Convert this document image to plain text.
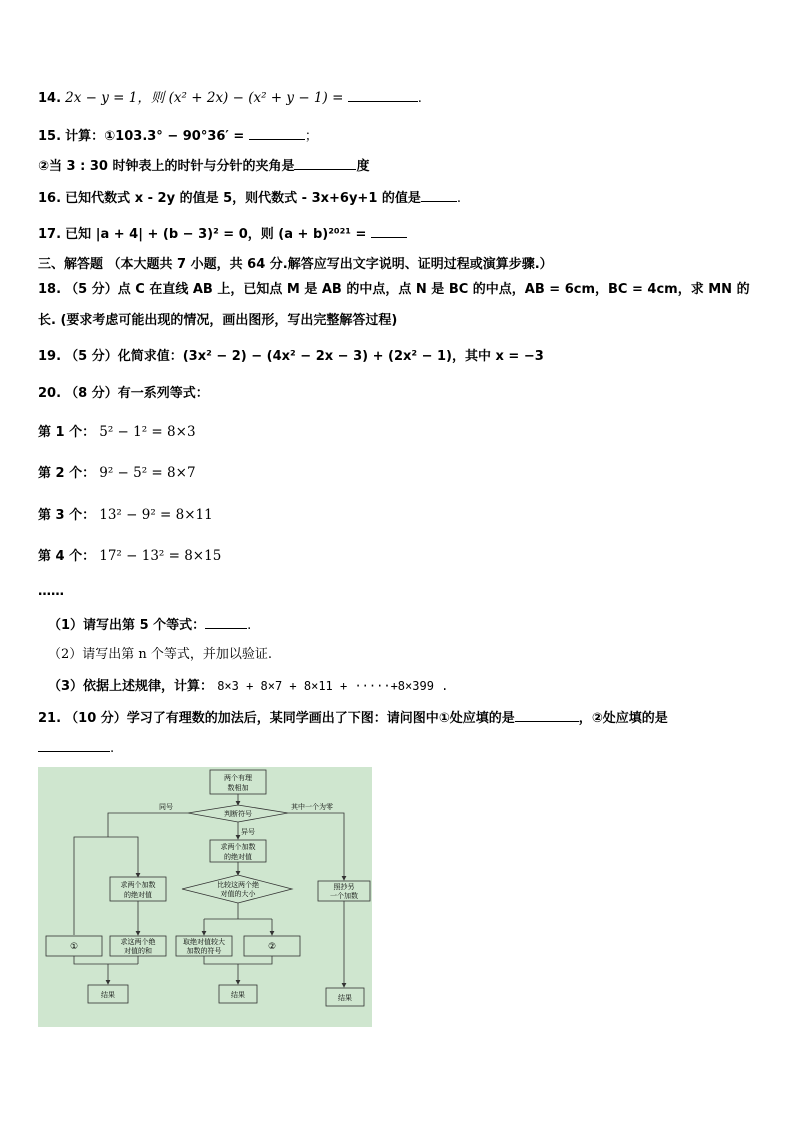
14. 2x − y = 1，则 (x² + 2x) − (x² + y − 1) =	.
15. 计算：①103.3° − 90°36′ =	；
②当 3 : 30 时钟表上的时针与分针的夹角是	度
16. 已知代数式 x - 2y 的值是 5，则代数式 - 3x+6y+1 的值是	.
17. 已知 |a + 4| + (b − 3)² = 0，则 (a + b)²⁰²¹ =
三、解答题 （本大题共 7 小题，共 64 分.解答应写出文字说明、证明过程或演算步骤.）
18. （5 分）点 C 在直线 AB 上，已知点 M 是 AB 的中点，点 N 是 BC 的中点，AB = 6cm，BC = 4cm，求 MN 的
长. (要求考虑可能出现的情况，画出图形，写出完整解答过程)
19. （5 分）化简求值：(3x² − 2) − (4x² − 2x − 3) + (2x² − 1)，其中 x = −3
20. （8 分）有一系列等式：
第 1 个： 5² − 1² = 8×3
第 2 个： 9² − 5² = 8×7
第 3 个： 13² − 9² = 8×11
第 4 个： 17² − 13² = 8×15
……
（1）请写出第 5 个等式：	.
（2）请写出第 n 个等式，并加以验证.
（3）依据上述规律，计算： 8×3 + 8×7 + 8×11 + ·····+8×399 .
21. （10 分）学习了有理数的加法后，某同学画出了下图：请问图中①处应填的是	，②处应填的是
.
两个有理
数相加
判断符号
同号	其中一个为零
异号
求两个加数
的绝对值
比较这两个绝
对值的大小
求两个加数
的绝对值
①	求这两个绝
对值的和
取绝对值较大
加数的符号	②
照抄另
一个加数
结果	结果	结果
